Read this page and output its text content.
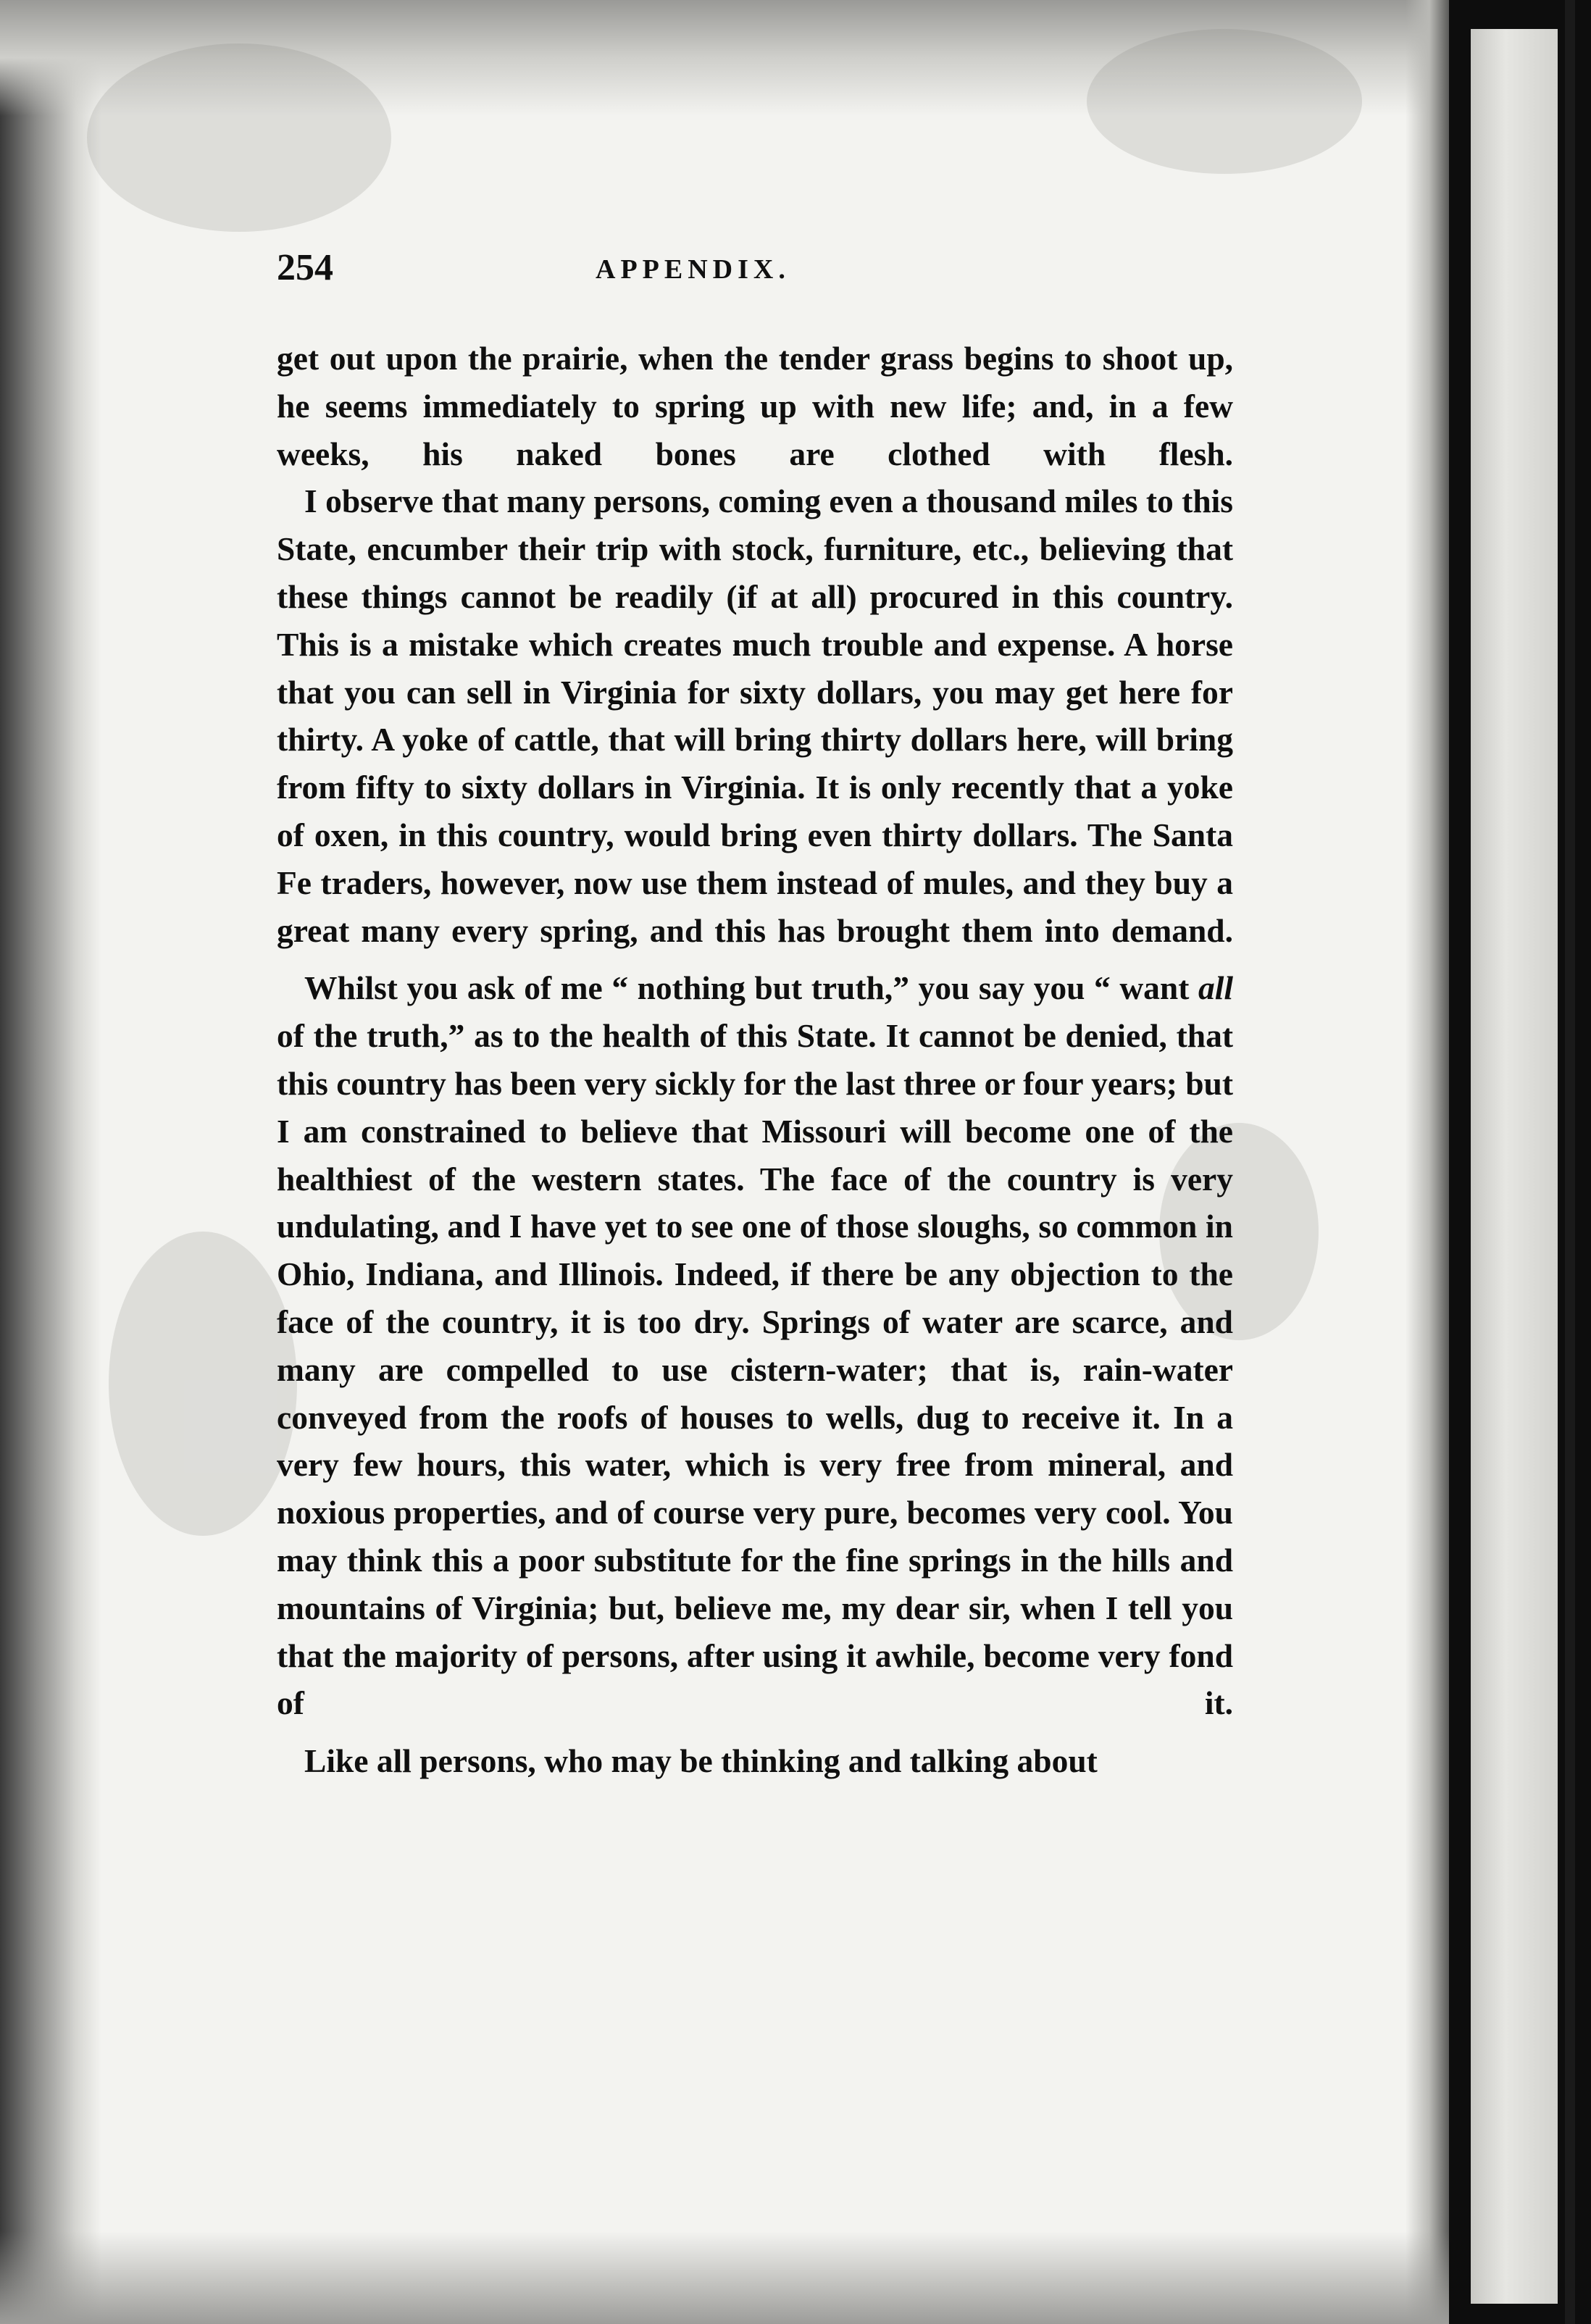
254	APPENDIX.

get out upon the prairie, when the tender grass begins to shoot up, he seems immediately to spring up with new life; and, in a few weeks, his naked bones are clothed with flesh.

I observe that many persons, coming even a thousand miles to this State, encumber their trip with stock, furniture, etc., believing that these things cannot be readily (if at all) procured in this country. This is a mistake which creates much trouble and expense. A horse that you can sell in Virginia for sixty dollars, you may get here for thirty. A yoke of cattle, that will bring thirty dollars here, will bring from fifty to sixty dollars in Virginia. It is only recently that a yoke of oxen, in this country, would bring even thirty dollars. The Santa Fe traders, however, now use them instead of mules, and they buy a great many every spring, and this has brought them into demand.

Whilst you ask of me “ nothing but truth,” you say you “ want all of the truth,” as to the health of this State. It cannot be denied, that this country has been very sickly for the last three or four years; but I am constrained to believe that Missouri will become one of the healthiest of the western states. The face of the country is very undulating, and I have yet to see one of those sloughs, so common in Ohio, Indiana, and Illinois. Indeed, if there be any objection to the face of the country, it is too dry. Springs of water are scarce, and many are compelled to use cistern-water; that is, rain-water conveyed from the roofs of houses to wells, dug to receive it. In a very few hours, this water, which is very free from mineral, and noxious properties, and of course very pure, becomes very cool. You may think this a poor substitute for the fine springs in the hills and mountains of Virginia; but, believe me, my dear sir, when I tell you that the majority of persons, after using it awhile, become very fond of it.

Like all persons, who may be thinking and talking about
